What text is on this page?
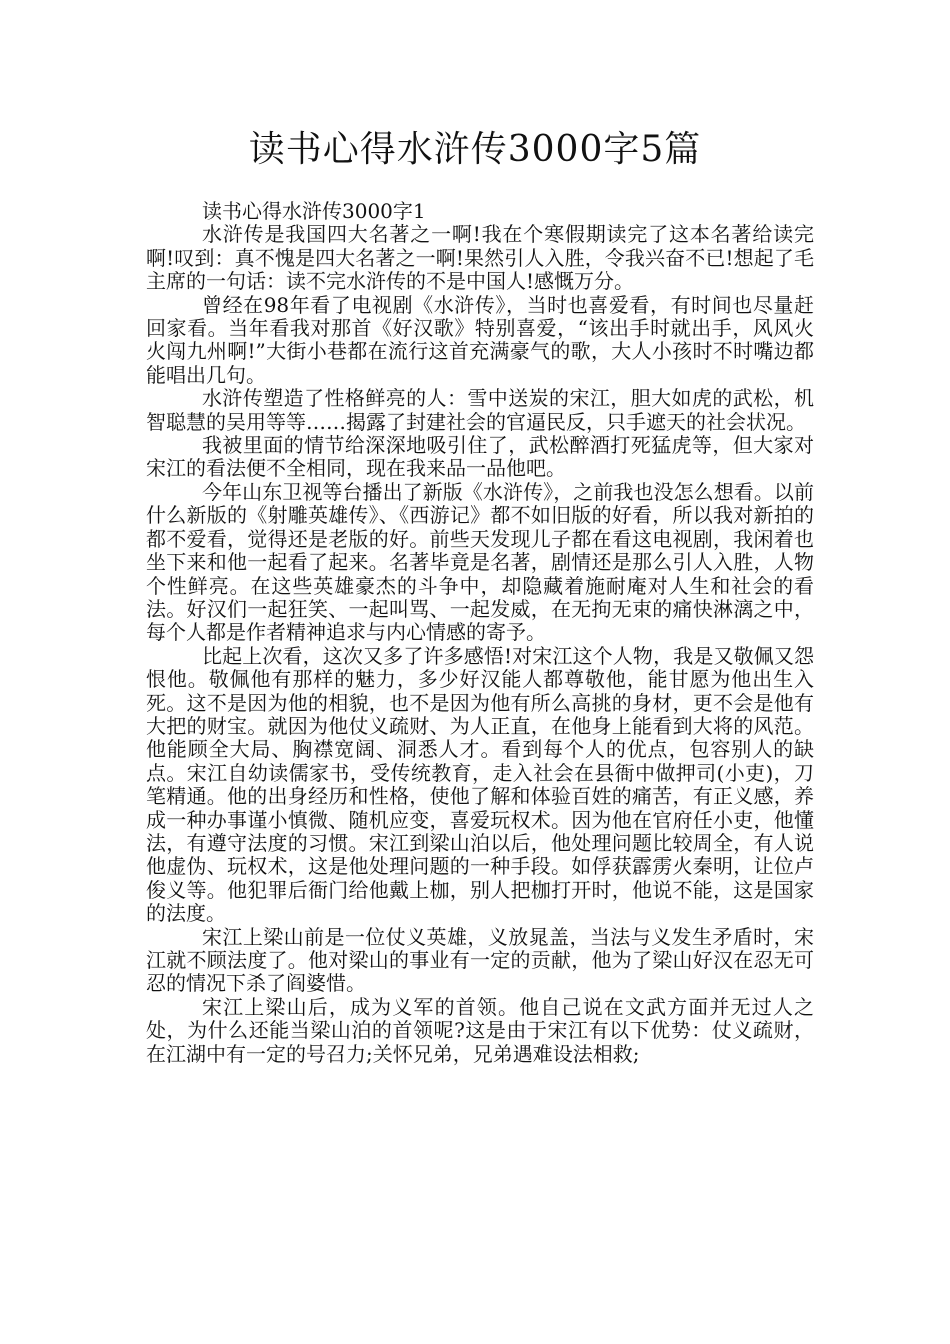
读书心得水浒传3000字5篇

读书心得水浒传3000字1

水浒传是我国四大名著之一啊!我在个寒假期读完了这本名著给读完啊!叹到：真不愧是四大名著之一啊!果然引人入胜，令我兴奋不已!想起了毛主席的一句话：读不完水浒传的不是中国人!感慨万分。

曾经在98年看了电视剧《水浒传》，当时也喜爱看，有时间也尽量赶回家看。当年看我对那首《好汉歌》特别喜爱，“该出手时就出手，风风火火闯九州啊!”大街小巷都在流行这首充满豪气的歌，大人小孩时不时嘴边都能唱出几句。

水浒传塑造了性格鲜亮的人：雪中送炭的宋江，胆大如虎的武松，机智聪慧的吴用等等……揭露了封建社会的官逼民反，只手遮天的社会状况。

我被里面的情节给深深地吸引住了，武松醉酒打死猛虎等，但大家对宋江的看法便不全相同，现在我来品一品他吧。

今年山东卫视等台播出了新版《水浒传》，之前我也没怎么想看。以前什么新版的《射雕英雄传》、《西游记》都不如旧版的好看，所以我对新拍的都不爱看，觉得还是老版的好。前些天发现儿子都在看这电视剧，我闲着也坐下来和他一起看了起来。名著毕竟是名著，剧情还是那么引人入胜，人物个性鲜亮。在这些英雄豪杰的斗争中，却隐藏着施耐庵对人生和社会的看法。好汉们一起狂笑、一起叫骂、一起发威，在无拘无束的痛快淋漓之中，每个人都是作者精神追求与内心情感的寄予。

比起上次看，这次又多了许多感悟!对宋江这个人物，我是又敬佩又怨恨他。敬佩他有那样的魅力，多少好汉能人都尊敬他，能甘愿为他出生入死。这不是因为他的相貌，也不是因为他有所么高挑的身材，更不会是他有大把的财宝。就因为他仗义疏财、为人正直，在他身上能看到大将的风范。他能顾全大局、胸襟宽阔、洞悉人才。看到每个人的优点，包容别人的缺点。宋江自幼读儒家书，受传统教育，走入社会在县衙中做押司(小吏)，刀笔精通。他的出身经历和性格，使他了解和体验百姓的痛苦，有正义感，养成一种办事谨小慎微、随机应变，喜爱玩权术。因为他在官府任小吏，他懂法，有遵守法度的习惯。宋江到梁山泊以后，他处理问题比较周全，有人说他虚伪、玩权术，这是他处理问题的一种手段。如俘获霹雳火秦明，让位卢俊义等。他犯罪后衙门给他戴上枷，别人把枷打开时，他说不能，这是国家的法度。

宋江上梁山前是一位仗义英雄，义放晁盖，当法与义发生矛盾时，宋江就不顾法度了。他对梁山的事业有一定的贡献，他为了梁山好汉在忍无可忍的情况下杀了阎婆惜。

宋江上梁山后，成为义军的首领。他自己说在文武方面并无过人之处，为什么还能当梁山泊的首领呢?这是由于宋江有以下优势：仗义疏财，在江湖中有一定的号召力;关怀兄弟，兄弟遇难设法相救;
